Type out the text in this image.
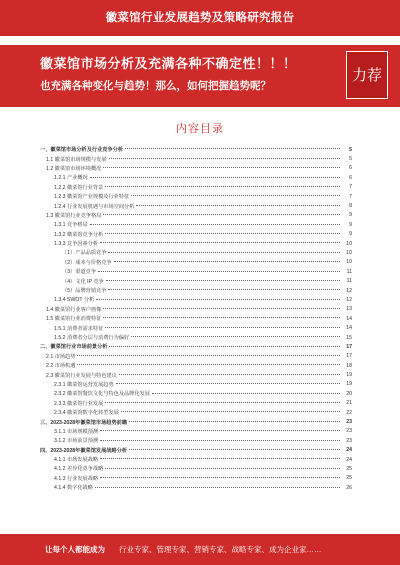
徽菜馆行业发展趋势及策略研究报告
徽菜馆市场分析及充满各种不确定性！！！
也充满各种变化与趋势！那么，如何把握趋势呢？
力荐
内容目录
一、徽菜馆市场分析及行业竞争分析	5
1.1 徽菜馆市场规模与发展	5
1.2 徽菜馆市场环境概况	6
1.2.1 产业概况	6
1.2.2 徽菜馆行业背景	7
1.2.3 徽菜馆产业规模及行业特征	7
1.2.4 行业发展机遇与市场空间分析	8
1.3 徽菜馆行业竞争格局	9
1.3.1 竞争格局	9
1.3.2 徽菜馆竞争分析	9
1.3.3 竞争因素分析	10
（1）产品品质竞争	10
（2）成本与价格竞争	10
（3）渠道竞争	11
（4）文化 IP 竞争	11
（5）品牌营销竞争	12
1.3.4 SWOT 分析	12
1.4 徽菜馆行业客户画像	13
1.5 徽菜馆行业消费特征	14
1.5.1 消费者需求特征	14
1.5.2 消费者分层与消费行为偏好	15
二、徽菜馆行业市场前景分析	17
2.1 市场趋势	17
2.2 市场机遇	18
2.3 徽菜馆行业发展与特色建议	19
2.3.1 徽菜馆运营发展趋势	19
2.3.2 徽菜馆餐饮文化与特色及品牌化发展	20
2.3.3 徽菜馆行业发展	21
2.3.4 徽菜馆数字化转型发展	22
三、2023-2028年徽菜馆市场趋势前瞻	23
3.1.1 市场规模预测	23
3.1.2 市场前景预测	23
四、2023-2028年徽菜馆发展战略分析	24
4.1.1 市场发展战略	24
4.1.2 差异化竞争战略	25
4.1.3 行业发展战略	25
4.1.4 数字化战略	26
让每个人都能成为 行业专家、管理专家、营销专家、战略专家、成为企业家……
